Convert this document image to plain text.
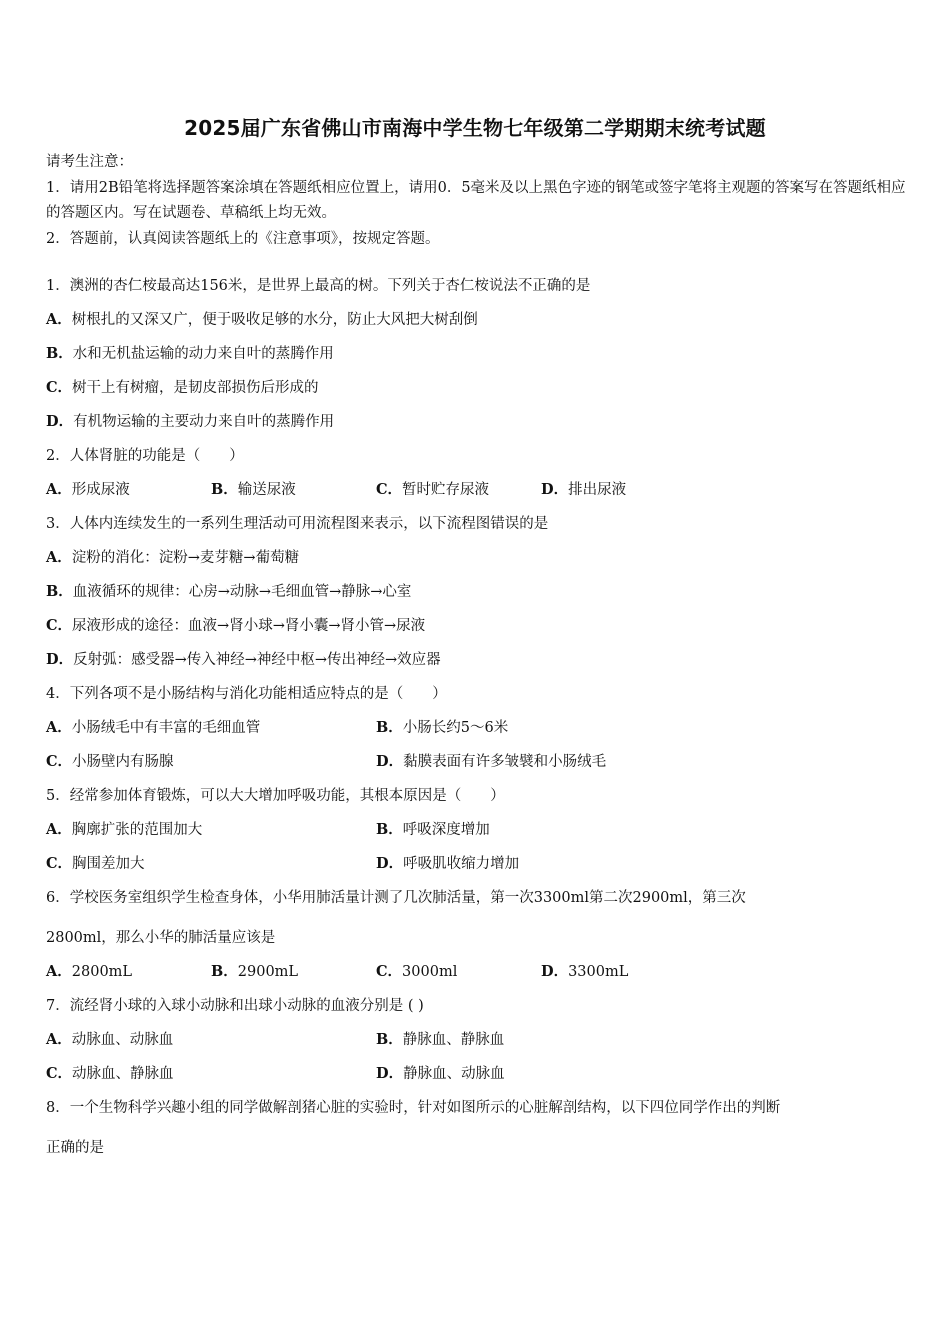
2025届广东省佛山市南海中学生物七年级第二学期期末统考试题

请考生注意：

1．请用2B铅笔将选择题答案涂填在答题纸相应位置上，请用0．5毫米及以上黑色字迹的钢笔或签字笔将主观题的答案写在答题纸相应的答题区内。写在试题卷、草稿纸上均无效。

2．答题前，认真阅读答题纸上的《注意事项》，按规定答题。

1．澳洲的杏仁桉最高达156米，是世界上最高的树。下列关于杏仁桉说法不正确的是
A．树根扎的又深又广，便于吸收足够的水分，防止大风把大树刮倒
B．水和无机盐运输的动力来自叶的蒸腾作用
C．树干上有树瘤，是韧皮部损伤后形成的
D．有机物运输的主要动力来自叶的蒸腾作用
2．人体肾脏的功能是（　　）
A．形成尿液	B．输送尿液	C．暂时贮存尿液	D．排出尿液
3．人体内连续发生的一系列生理活动可用流程图来表示，以下流程图错误的是
A．淀粉的消化：淀粉→麦芽糖→葡萄糖
B．血液循环的规律：心房→动脉→毛细血管→静脉→心室
C．尿液形成的途径：血液→肾小球→肾小囊→肾小管→尿液
D．反射弧：感受器→传入神经→神经中枢→传出神经→效应器
4．下列各项不是小肠结构与消化功能相适应特点的是（　　）
A．小肠绒毛中有丰富的毛细血管	B．小肠长约5～6米
C．小肠壁内有肠腺	D．黏膜表面有许多皱襞和小肠绒毛
5．经常参加体育锻炼，可以大大增加呼吸功能，其根本原因是（　　）
A．胸廓扩张的范围加大	B．呼吸深度增加
C．胸围差加大	D．呼吸肌收缩力增加
6．学校医务室组织学生检查身体，小华用肺活量计测了几次肺活量，第一次3300ml第二次2900ml，第三次
2800ml，那么小华的肺活量应该是
A．2800mL	B．2900mL	C．3000ml	D．3300mL
7．流经肾小球的入球小动脉和出球小动脉的血液分别是 ( )
A．动脉血、动脉血	B．静脉血、静脉血
C．动脉血、静脉血	D．静脉血、动脉血
8．一个生物科学兴趣小组的同学做解剖猪心脏的实验时，针对如图所示的心脏解剖结构，以下四位同学作出的判断
正确的是
